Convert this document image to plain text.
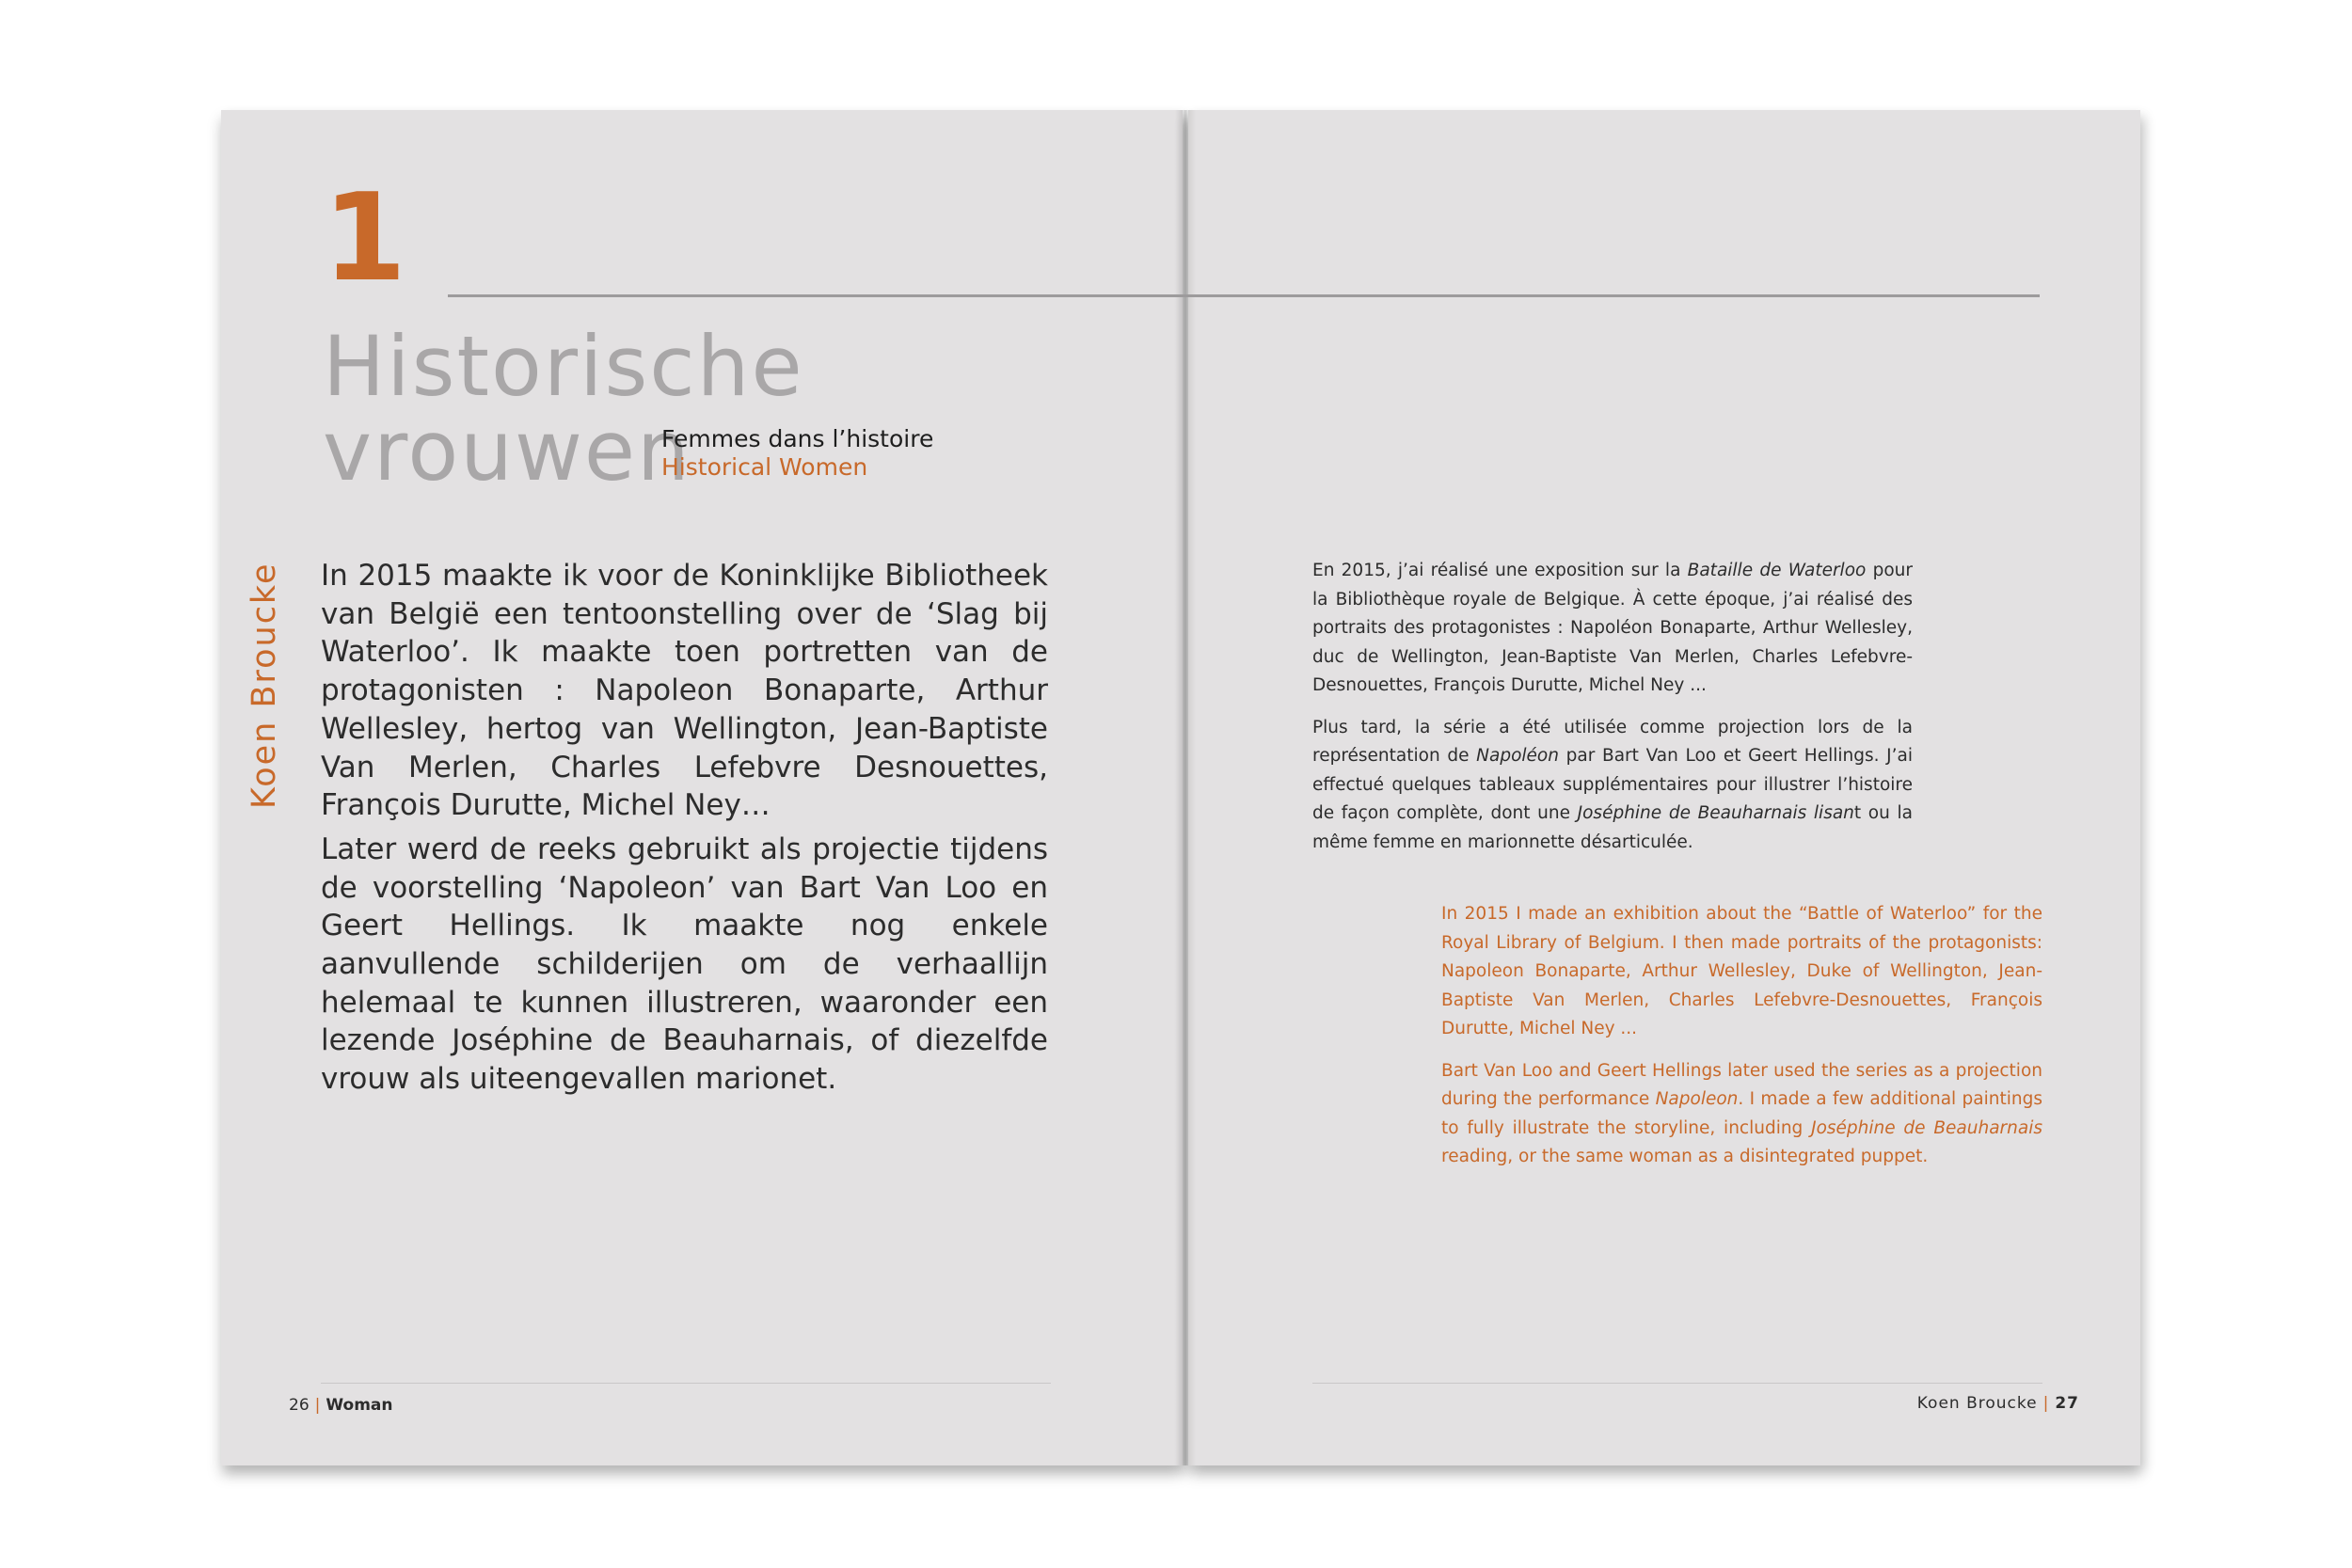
1
Historische
vrouwen
Femmes dans l’histoire
Historical Women
Koen Broucke In 2015 maakte ik voor de Koninklijke Bibliotheek van België een tentoonstelling over de ‘Slag bij Waterloo’. Ik maakte toen portretten van de protagonisten : Napoleon Bonaparte, Arthur Wellesley, hertog van Wellington, Jean-Baptiste Van Merlen, Charles Lefebvre Desnouettes, François Durutte, Michel Ney…

Later werd de reeks gebruikt als projectie tijdens de voorstelling ‘Napoleon’ van Bart Van Loo en Geert Hellings. Ik maakte nog enkele aanvullende schilderijen om de verhaallijn helemaal te kunnen illustreren, waaronder een lezende Joséphine de Beauharnais, of diezelfde vrouw als uiteengevallen marionet.

En 2015, j’ai réalisé une exposition sur la Bataille de Waterloo pour la Bibliothèque royale de Belgique. À cette époque, j’ai réalisé des portraits des protagonistes : Napoléon Bonaparte, Arthur Wellesley, duc de Wellington, Jean-Baptiste Van Merlen, Charles Lefebvre-Desnouettes, François Durutte, Michel Ney ...

Plus tard, la série a été utilisée comme projection lors de la représentation de Napoléon par Bart Van Loo et Geert Hellings. J’ai effectué quelques tableaux supplémentaires pour illustrer l’histoire de façon complète, dont une Joséphine de Beauharnais lisant ou la même femme en marionnette désarticulée.

In 2015 I made an exhibition about the “Battle of Waterloo” for the Royal Library of Belgium. I then made portraits of the protagonists: Napoleon Bonaparte, Arthur Wellesley, Duke of Wellington, Jean-Baptiste Van Merlen, Charles Lefebvre-Desnouettes, François Durutte, Michel Ney ...

Bart Van Loo and Geert Hellings later used the series as a projection during the performance Napoleon. I made a few additional paintings to fully illustrate the storyline, including Joséphine de Beauharnais reading, or the same woman as a disintegrated puppet.

26 | Woman	Koen Broucke | 27
